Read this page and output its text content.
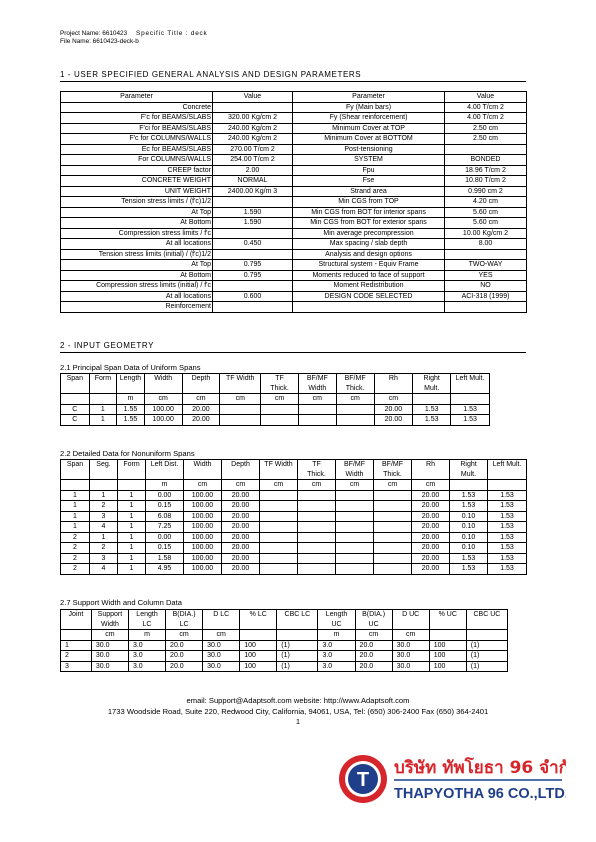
Project Name: 6610423 Specific Title : deck
File Name: 6610423-deck-b
1 - USER SPECIFIED GENERAL ANALYSIS AND DESIGN PARAMETERS
Parameter	Value	Parameter	Value
Concrete		Fy (Main bars)	4.00 T/cm 2
F'c for BEAMS/SLABS	320.00 Kg/cm 2	Fy (Shear reinforcement)	4.00 T/cm 2
F'ci for BEAMS/SLABS	240.00 Kg/cm 2	Minimum Cover at TOP	2.50 cm
F'c for COLUMNS/WALLS	240.00 Kg/cm 2	Minimum Cover at BOTTOM	2.50 cm
Ec for BEAMS/SLABS	270.00 T/cm 2	Post-tensioning	
For COLUMNS/WALLS	254.00 T/cm 2	SYSTEM	BONDED
CREEP factor	2.00	Fpu	18.96 T/cm 2
CONCRETE WEIGHT	NORMAL	Fse	10.80 T/cm 2
UNIT WEIGHT	2400.00 Kg/m 3	Strand area	0.990 cm 2
Tension stress limits / (f'c)1/2		Min CGS from TOP	4.20 cm
At Top	1.590	Min CGS from BOT for interior spans	5.60 cm
At Bottom	1.590	Min CGS from BOT for exterior spans	5.60 cm
Compression stress limits / f'c		Min average precompression	10.00 Kg/cm 2
At all locations	0.450	Max spacing / slab depth	8.00
Tension stress limits (initial) / (f'c)1/2		Analysis and design options	
At Top	0.795	Structural system - Equiv Frame	TWO-WAY
At Bottom	0.795	Moments reduced to face of support	YES
Compression stress limits (initial) / f'c		Moment Redistribution	NO
At all locations	0.600	DESIGN CODE SELECTED	ACI-318 (1999)
Reinforcement			
2 - INPUT GEOMETRY
2.1 Principal Span Data of Uniform Spans
Span	Form	Length	Width	Depth	TF Width	TF	BF/MF	BF/MF	Rh	Right	Left Mult.
						Thick.	Width	Thick.		Mult.	
		m	cm	cm	cm	cm	cm	cm	cm		
C	1	1.55	100.00	20.00					20.00	1.53	1.53
C	1	1.55	100.00	20.00					20.00	1.53	1.53
2.2 Detailed Data for Nonuniform Spans
Span	Seg.	Form	Left Dist.	Width	Depth	TF Width	TF	BF/MF	BF/MF	Rh	Right	Left Mult.
							Thick.	Width	Thick.		Mult.	
			m	cm	cm	cm	cm	cm	cm	cm		
1	1	1	0.00	100.00	20.00					20.00	1.53	1.53
1	2	1	0.15	100.00	20.00					20.00	1.53	1.53
1	3	1	6.08	100.00	20.00					20.00	0.10	1.53
1	4	1	7.25	100.00	20.00					20.00	0.10	1.53
2	1	1	0.00	100.00	20.00					20.00	0.10	1.53
2	2	1	0.15	100.00	20.00					20.00	0.10	1.53
2	3	1	1.58	100.00	20.00					20.00	1.53	1.53
2	4	1	4.95	100.00	20.00					20.00	1.53	1.53
2.7 Support Width and Column Data
Joint	Support	Length	B(DIA.)	D LC	% LC	CBC LC	Length	B(DIA.)	D UC	% UC	CBC UC
	Width	LC	LC				UC	UC			
	cm	m	cm	cm			m	cm	cm		
1	30.0	3.0	20.0	30.0	100	(1)	3.0	20.0	30.0	100	(1)
2	30.0	3.0	20.0	30.0	100	(1)	3.0	20.0	30.0	100	(1)
3	30.0	3.0	20.0	30.0	100	(1)	3.0	20.0	30.0	100	(1)
email: Support@Adaptsoft.com website: http://www.Adaptsoft.com
1733 Woodside Road, Suite 220, Redwood City, California, 94061, USA, Tel: (650) 306-2400 Fax (650) 364-2401
1
T
บริษัท ทัพโยธา 96 จำกัด
THAPYOTHA 96 CO.,LTD.
